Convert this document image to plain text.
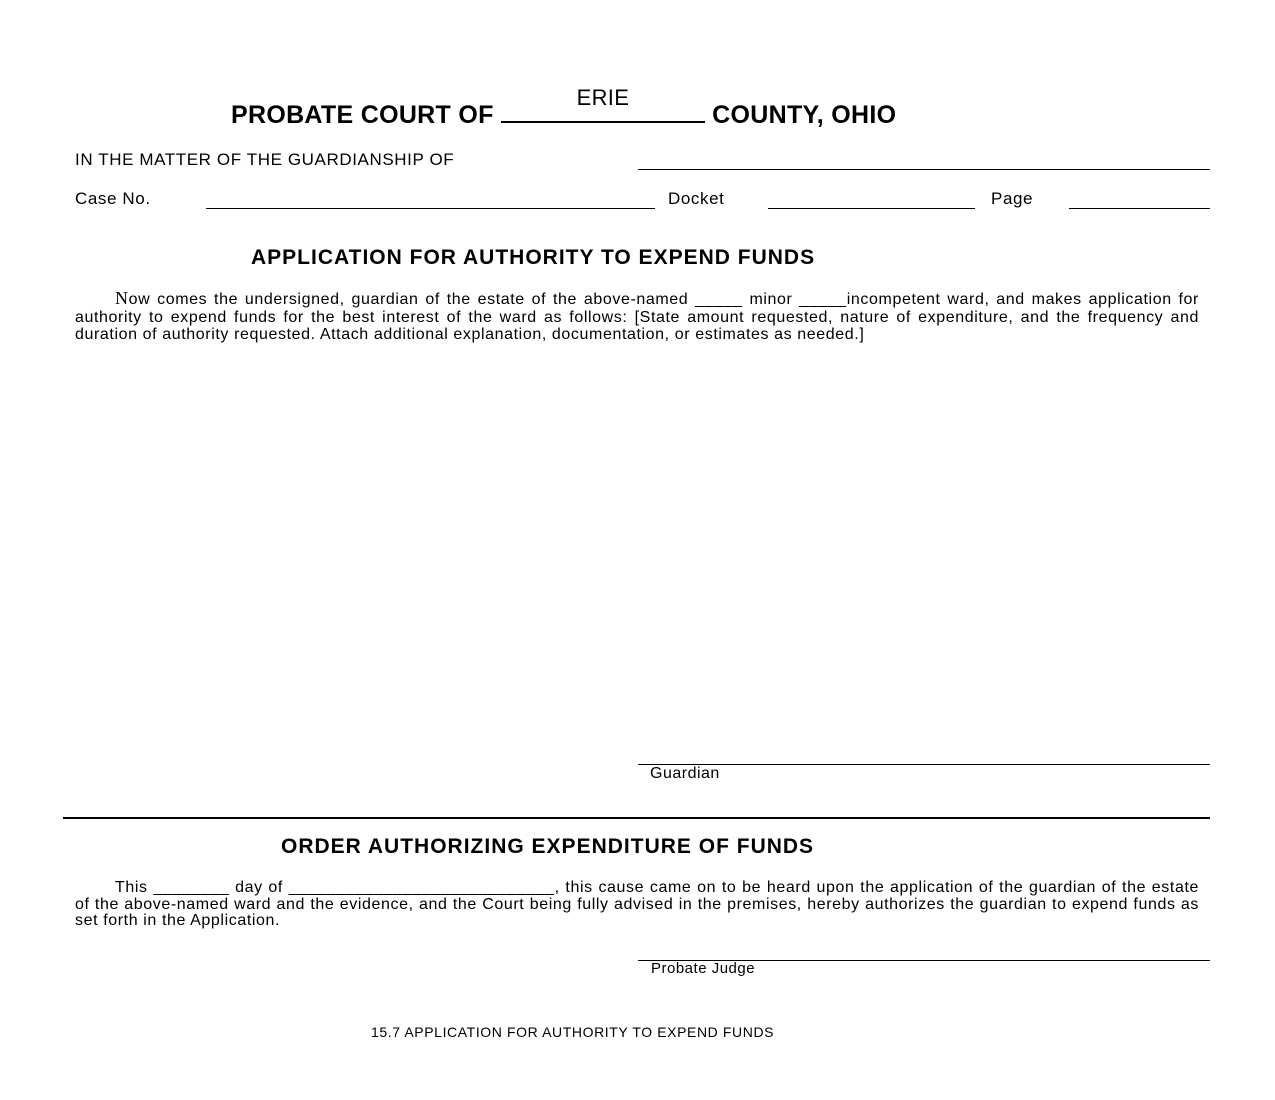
PROBATE COURT OF
ERIE
COUNTY, OHIO
IN THE MATTER OF THE GUARDIANSHIP OF
Case No.	Docket	Page
APPLICATION FOR AUTHORITY TO EXPEND FUNDS
Now comes the undersigned, guardian of the estate of the above-named _____ minor _____incompetent ward, and makes application for authority to expend funds for the best interest of the ward as follows: [State amount requested, nature of expenditure, and the frequency and duration of authority requested. Attach additional explanation, documentation, or estimates as needed.]
Guardian
ORDER AUTHORIZING EXPENDITURE OF FUNDS
This ________ day of ____________________________, this cause came on to be heard upon the application of the guardian of the estate of the above-named ward and the evidence, and the Court being fully advised in the premises, hereby authorizes the guardian to expend funds as set forth in the Application.
Probate Judge
15.7 APPLICATION FOR AUTHORITY TO EXPEND FUNDS
